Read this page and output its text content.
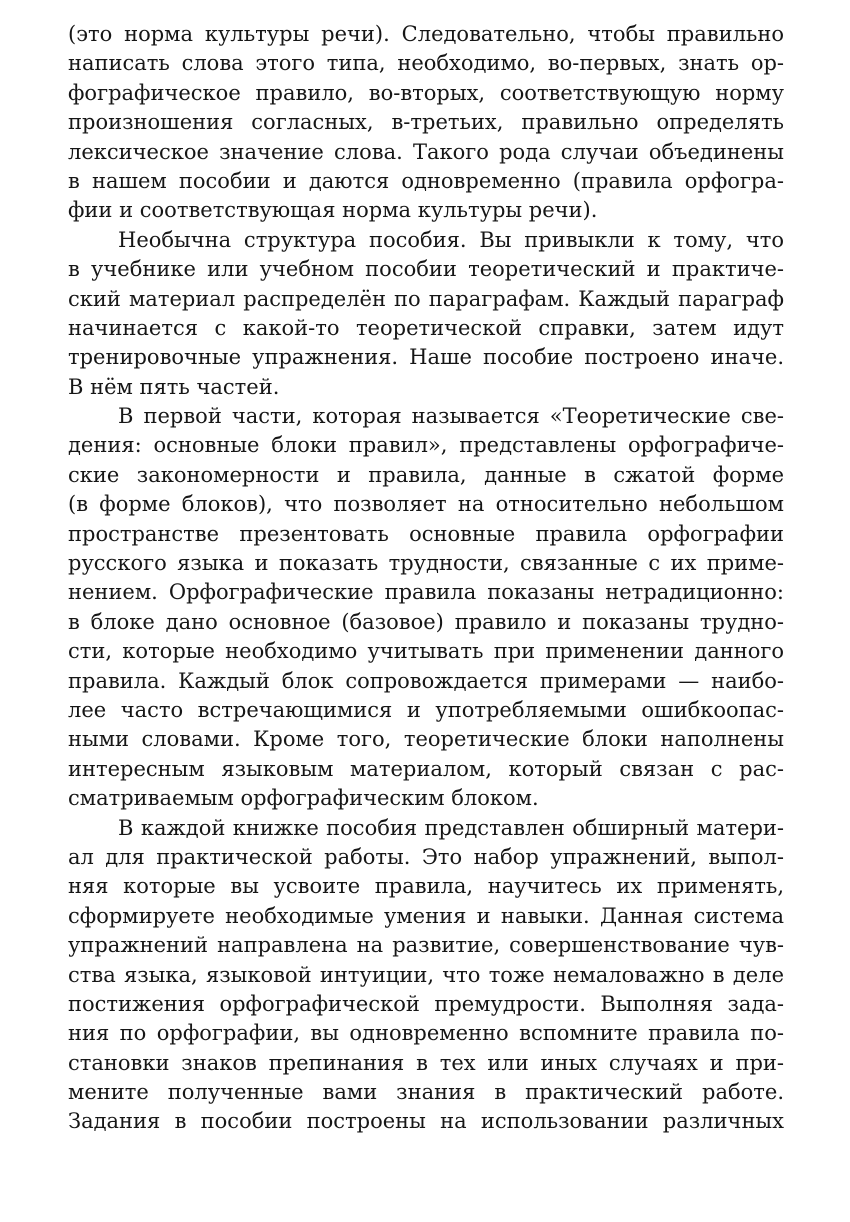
(это норма культуры речи). Следовательно, чтобы правильно
написать слова этого типа, необходимо, во-первых, знать ор-
фографическое правило, во-вторых, соответствующую норму
произношения согласных, в-третьих, правильно определять
лексическое значение слова. Такого рода случаи объединены
в нашем пособии и даются одновременно (правила орфогра-
фии и соответствующая норма культуры речи).
Необычна структура пособия. Вы привыкли к тому, что
в учебнике или учебном пособии теоретический и практиче-
ский материал распределён по параграфам. Каждый параграф
начинается с какой-то теоретической справки, затем идут
тренировочные упражнения. Наше пособие построено иначе.
В нём пять частей.
В первой части, которая называется «Теоретические све-
дения: основные блоки правил», представлены орфографиче-
ские закономерности и правила, данные в сжатой форме
(в форме блоков), что позволяет на относительно небольшом
пространстве презентовать основные правила орфографии
русского языка и показать трудности, связанные с их приме-
нением. Орфографические правила показаны нетрадиционно:
в блоке дано основное (базовое) правило и показаны трудно-
сти, которые необходимо учитывать при применении данного
правила. Каждый блок сопровождается примерами — наибо-
лее часто встречающимися и употребляемыми ошибкоопас-
ными словами. Кроме того, теоретические блоки наполнены
интересным языковым материалом, который связан с рас-
сматриваемым орфографическим блоком.
В каждой книжке пособия представлен обширный матери-
ал для практической работы. Это набор упражнений, выпол-
няя которые вы усвоите правила, научитесь их применять,
сформируете необходимые умения и навыки. Данная система
упражнений направлена на развитие, совершенствование чув-
ства языка, языковой интуиции, что тоже немаловажно в деле
постижения орфографической премудрости. Выполняя зада-
ния по орфографии, вы одновременно вспомните правила по-
становки знаков препинания в тех или иных случаях и при-
мените полученные вами знания в практический работе.
Задания в пособии построены на использовании различных
